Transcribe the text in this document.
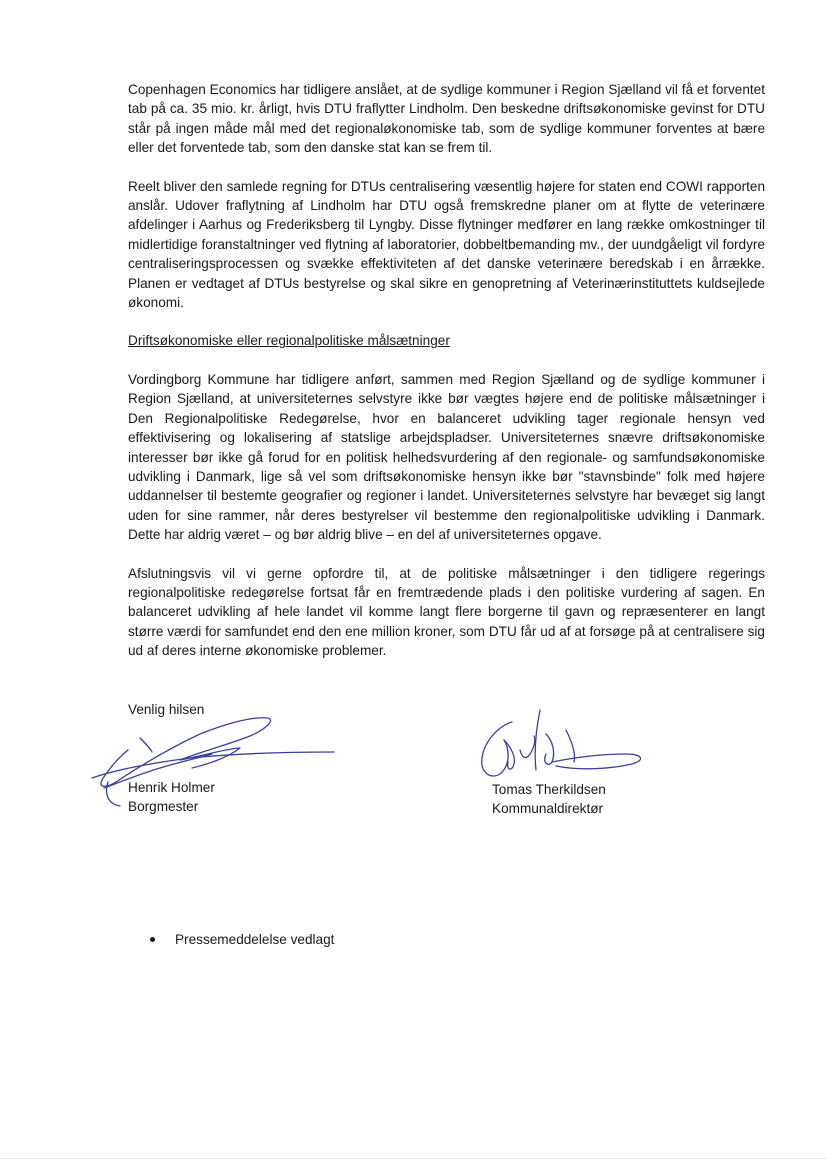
Copenhagen Economics har tidligere anslået, at de sydlige kommuner i Region Sjælland vil få et forventet tab på ca. 35 mio. kr. årligt, hvis DTU fraflytter Lindholm. Den beskedne driftsøkonomiske gevinst for DTU står på ingen måde mål med det regionaløkonomiske tab, som de sydlige kommuner forventes at bære eller det forventede tab, som den danske stat kan se frem til.

Reelt bliver den samlede regning for DTUs centralisering væsentlig højere for staten end COWI rapporten anslår. Udover fraflytning af Lindholm har DTU også fremskredne planer om at flytte de veterinære afdelinger i Aarhus og Frederiksberg til Lyngby. Disse flytninger medfører en lang række omkostninger til midlertidige foranstaltninger ved flytning af laboratorier, dobbeltbemanding mv., der uundgåeligt vil fordyre centraliseringsprocessen og svække effektiviteten af det danske veterinære beredskab i en årrække. Planen er vedtaget af DTUs bestyrelse og skal sikre en genopretning af Veterinærinstituttets kuldsejlede økonomi.

Driftsøkonomiske eller regionalpolitiske målsætninger

Vordingborg Kommune har tidligere anført, sammen med Region Sjælland og de sydlige kommuner i Region Sjælland, at universiteternes selvstyre ikke bør vægtes højere end de politiske målsætninger i Den Regionalpolitiske Redegørelse, hvor en balanceret udvikling tager regionale hensyn ved effektivisering og lokalisering af statslige arbejdspladser. Universiteternes snævre driftsøkonomiske interesser bør ikke gå forud for en politisk helhedsvurdering af den regionale- og samfundsøkonomiske udvikling i Danmark, lige så vel som driftsøkonomiske hensyn ikke bør "stavnsbinde" folk med højere uddannelser til bestemte geografier og regioner i landet. Universiteternes selvstyre har bevæget sig langt uden for sine rammer, når deres bestyrelser vil bestemme den regionalpolitiske udvikling i Danmark. Dette har aldrig været – og bør aldrig blive – en del af universiteternes opgave.

Afslutningsvis vil vi gerne opfordre til, at de politiske målsætninger i den tidligere regerings regionalpolitiske redegørelse fortsat får en fremtrædende plads i den politiske vurdering af sagen. En balanceret udvikling af hele landet vil komme langt flere borgerne til gavn og repræsenterer en langt større værdi for samfundet end den ene million kroner, som DTU får ud af at forsøge på at centralisere sig ud af deres interne økonomiske problemer.

Venlig hilsen
Henrik Holmer
Borgmester
Tomas Therkildsen
Kommunaldirektør
Pressemeddelelse vedlagt
